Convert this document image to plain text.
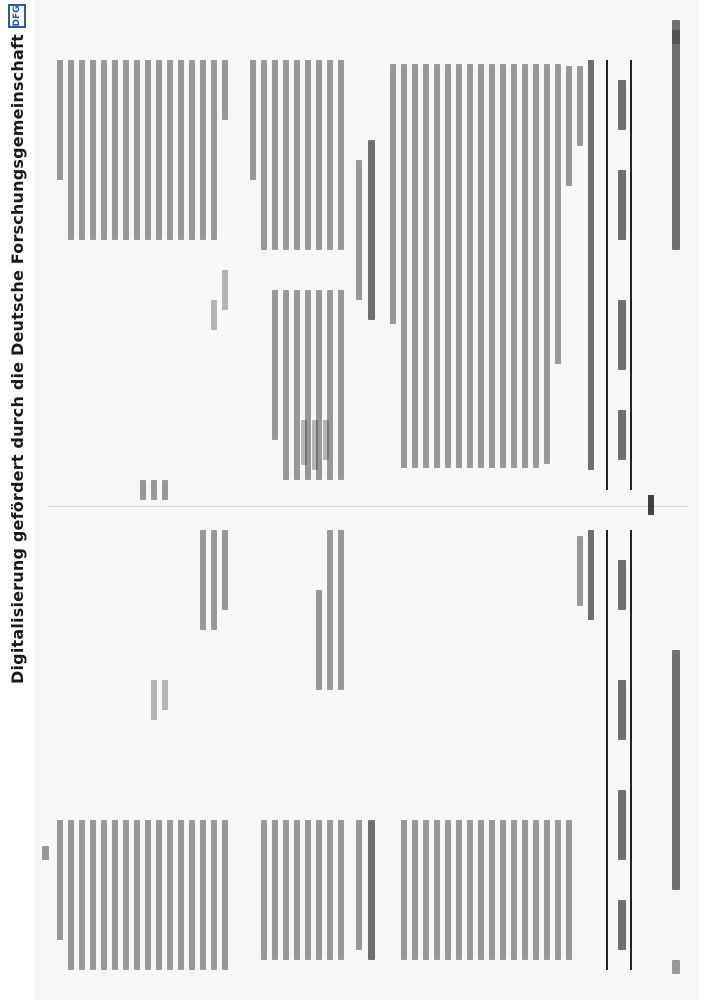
Digitalisierung gefördert durch die Deutsche Forschungsgemeinschaft
DFG
